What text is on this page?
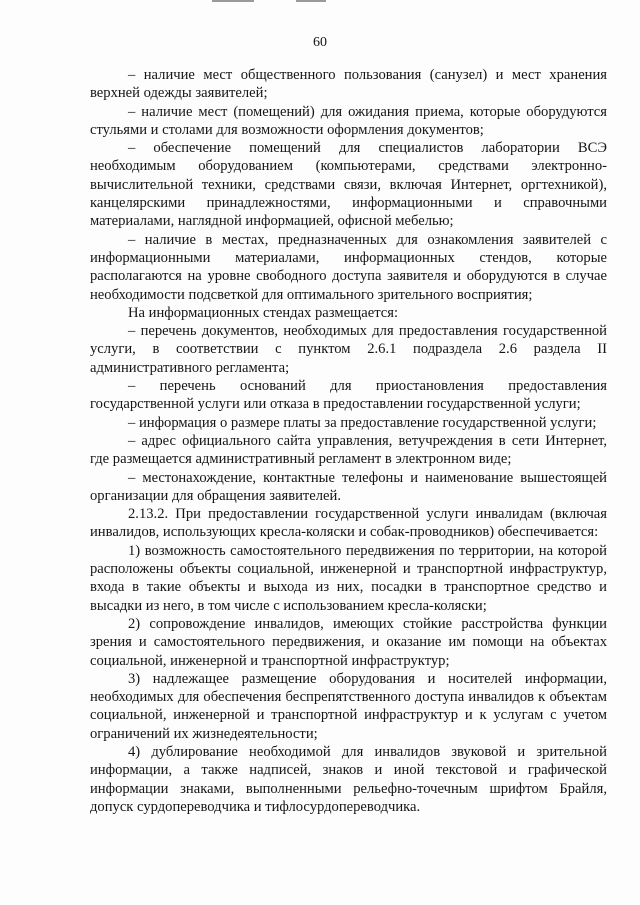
60

– наличие мест общественного пользования (санузел) и мест хранения верхней одежды заявителей;

– наличие мест (помещений) для ожидания приема, которые оборудуются стульями и столами для возможности оформления документов;

– обеспечение помещений для специалистов лаборатории ВСЭ необходимым оборудованием (компьютерами, средствами электронно-вычислительной техники, средствами связи, включая Интернет, оргтехникой), канцелярскими принадлежностями, информационными и справочными материалами, наглядной информацией, офисной мебелью;

– наличие в местах, предназначенных для ознакомления заявителей с информационными материалами, информационных стендов, которые располагаются на уровне свободного доступа заявителя и оборудуются в случае необходимости подсветкой для оптимального зрительного восприятия;

На информационных стендах размещается:

– перечень документов, необходимых для предоставления государственной услуги, в соответствии с пунктом 2.6.1 подраздела 2.6 раздела II административного регламента;

– перечень оснований для приостановления предоставления государственной услуги или отказа в предоставлении государственной услуги;

– информация о размере платы за предоставление государственной услуги;

– адрес официального сайта управления, ветучреждения в сети Интернет, где размещается административный регламент в электронном виде;

– местонахождение, контактные телефоны и наименование вышестоящей организации для обращения заявителей.

2.13.2. При предоставлении государственной услуги инвалидам (включая инвалидов, использующих кресла-коляски и собак-проводников) обеспечивается:

1) возможность самостоятельного передвижения по территории, на которой расположены объекты социальной, инженерной и транспортной инфраструктур, входа в такие объекты и выхода из них, посадки в транспортное средство и высадки из него, в том числе с использованием кресла-коляски;

2) сопровождение инвалидов, имеющих стойкие расстройства функции зрения и самостоятельного передвижения, и оказание им помощи на объектах социальной, инженерной и транспортной инфраструктур;

3) надлежащее размещение оборудования и носителей информации, необходимых для обеспечения беспрепятственного доступа инвалидов к объектам социальной, инженерной и транспортной инфраструктур и к услугам с учетом ограничений их жизнедеятельности;

4) дублирование необходимой для инвалидов звуковой и зрительной информации, а также надписей, знаков и иной текстовой и графической информации знаками, выполненными рельефно-точечным шрифтом Брайля, допуск сурдопереводчика и тифлосурдопереводчика.
